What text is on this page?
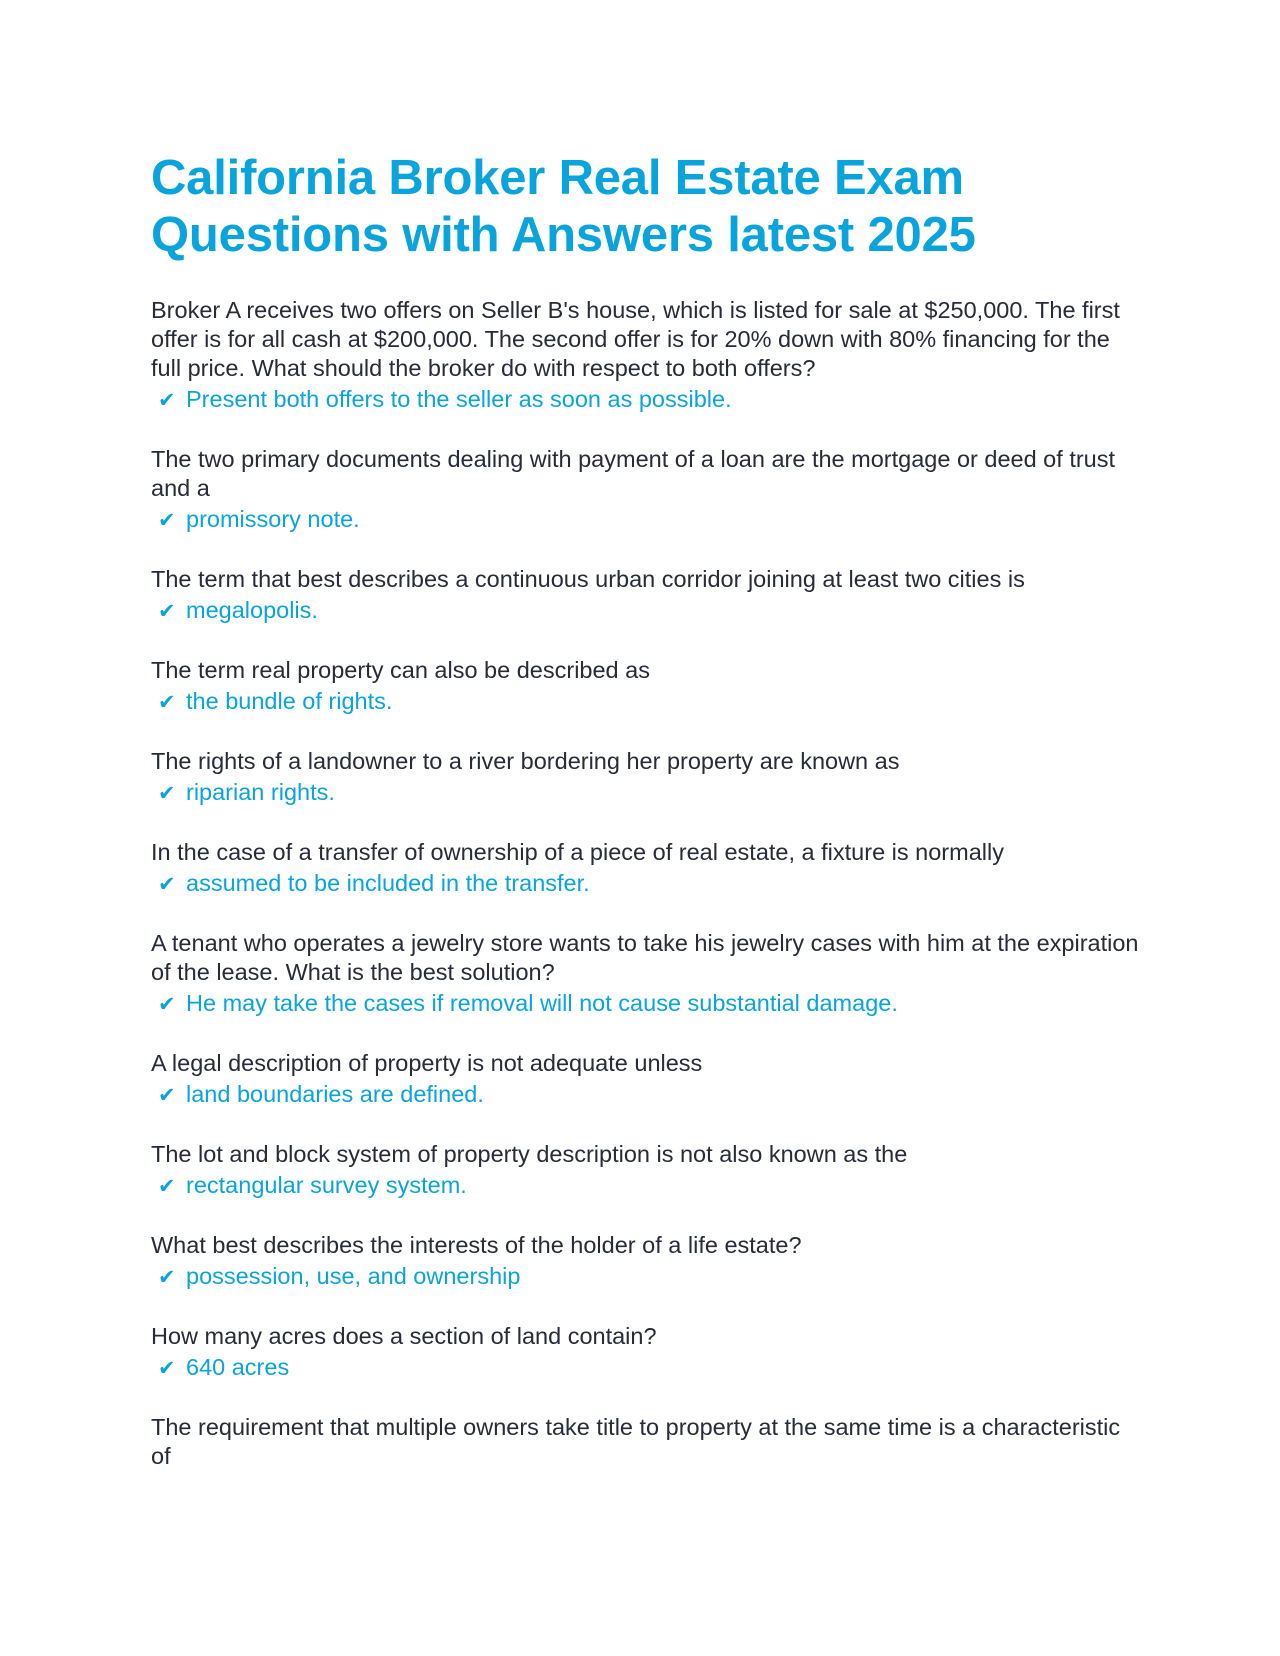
California Broker Real Estate Exam Questions with Answers latest 2025

Broker A receives two offers on Seller B's house, which is listed for sale at $250,000. The first offer is for all cash at $200,000. The second offer is for 20% down with 80% financing for the full price. What should the broker do with respect to both offers?

✔ Present both offers to the seller as soon as possible.

The two primary documents dealing with payment of a loan are the mortgage or deed of trust and a

✔ promissory note.

The term that best describes a continuous urban corridor joining at least two cities is

✔ megalopolis.

The term real property can also be described as

✔ the bundle of rights.

The rights of a landowner to a river bordering her property are known as

✔ riparian rights.

In the case of a transfer of ownership of a piece of real estate, a fixture is normally

✔ assumed to be included in the transfer.

A tenant who operates a jewelry store wants to take his jewelry cases with him at the expiration of the lease. What is the best solution?

✔ He may take the cases if removal will not cause substantial damage.

A legal description of property is not adequate unless

✔ land boundaries are defined.

The lot and block system of property description is not also known as the

✔ rectangular survey system.

What best describes the interests of the holder of a life estate?

✔ possession, use, and ownership

How many acres does a section of land contain?

✔ 640 acres

The requirement that multiple owners take title to property at the same time is a characteristic of
